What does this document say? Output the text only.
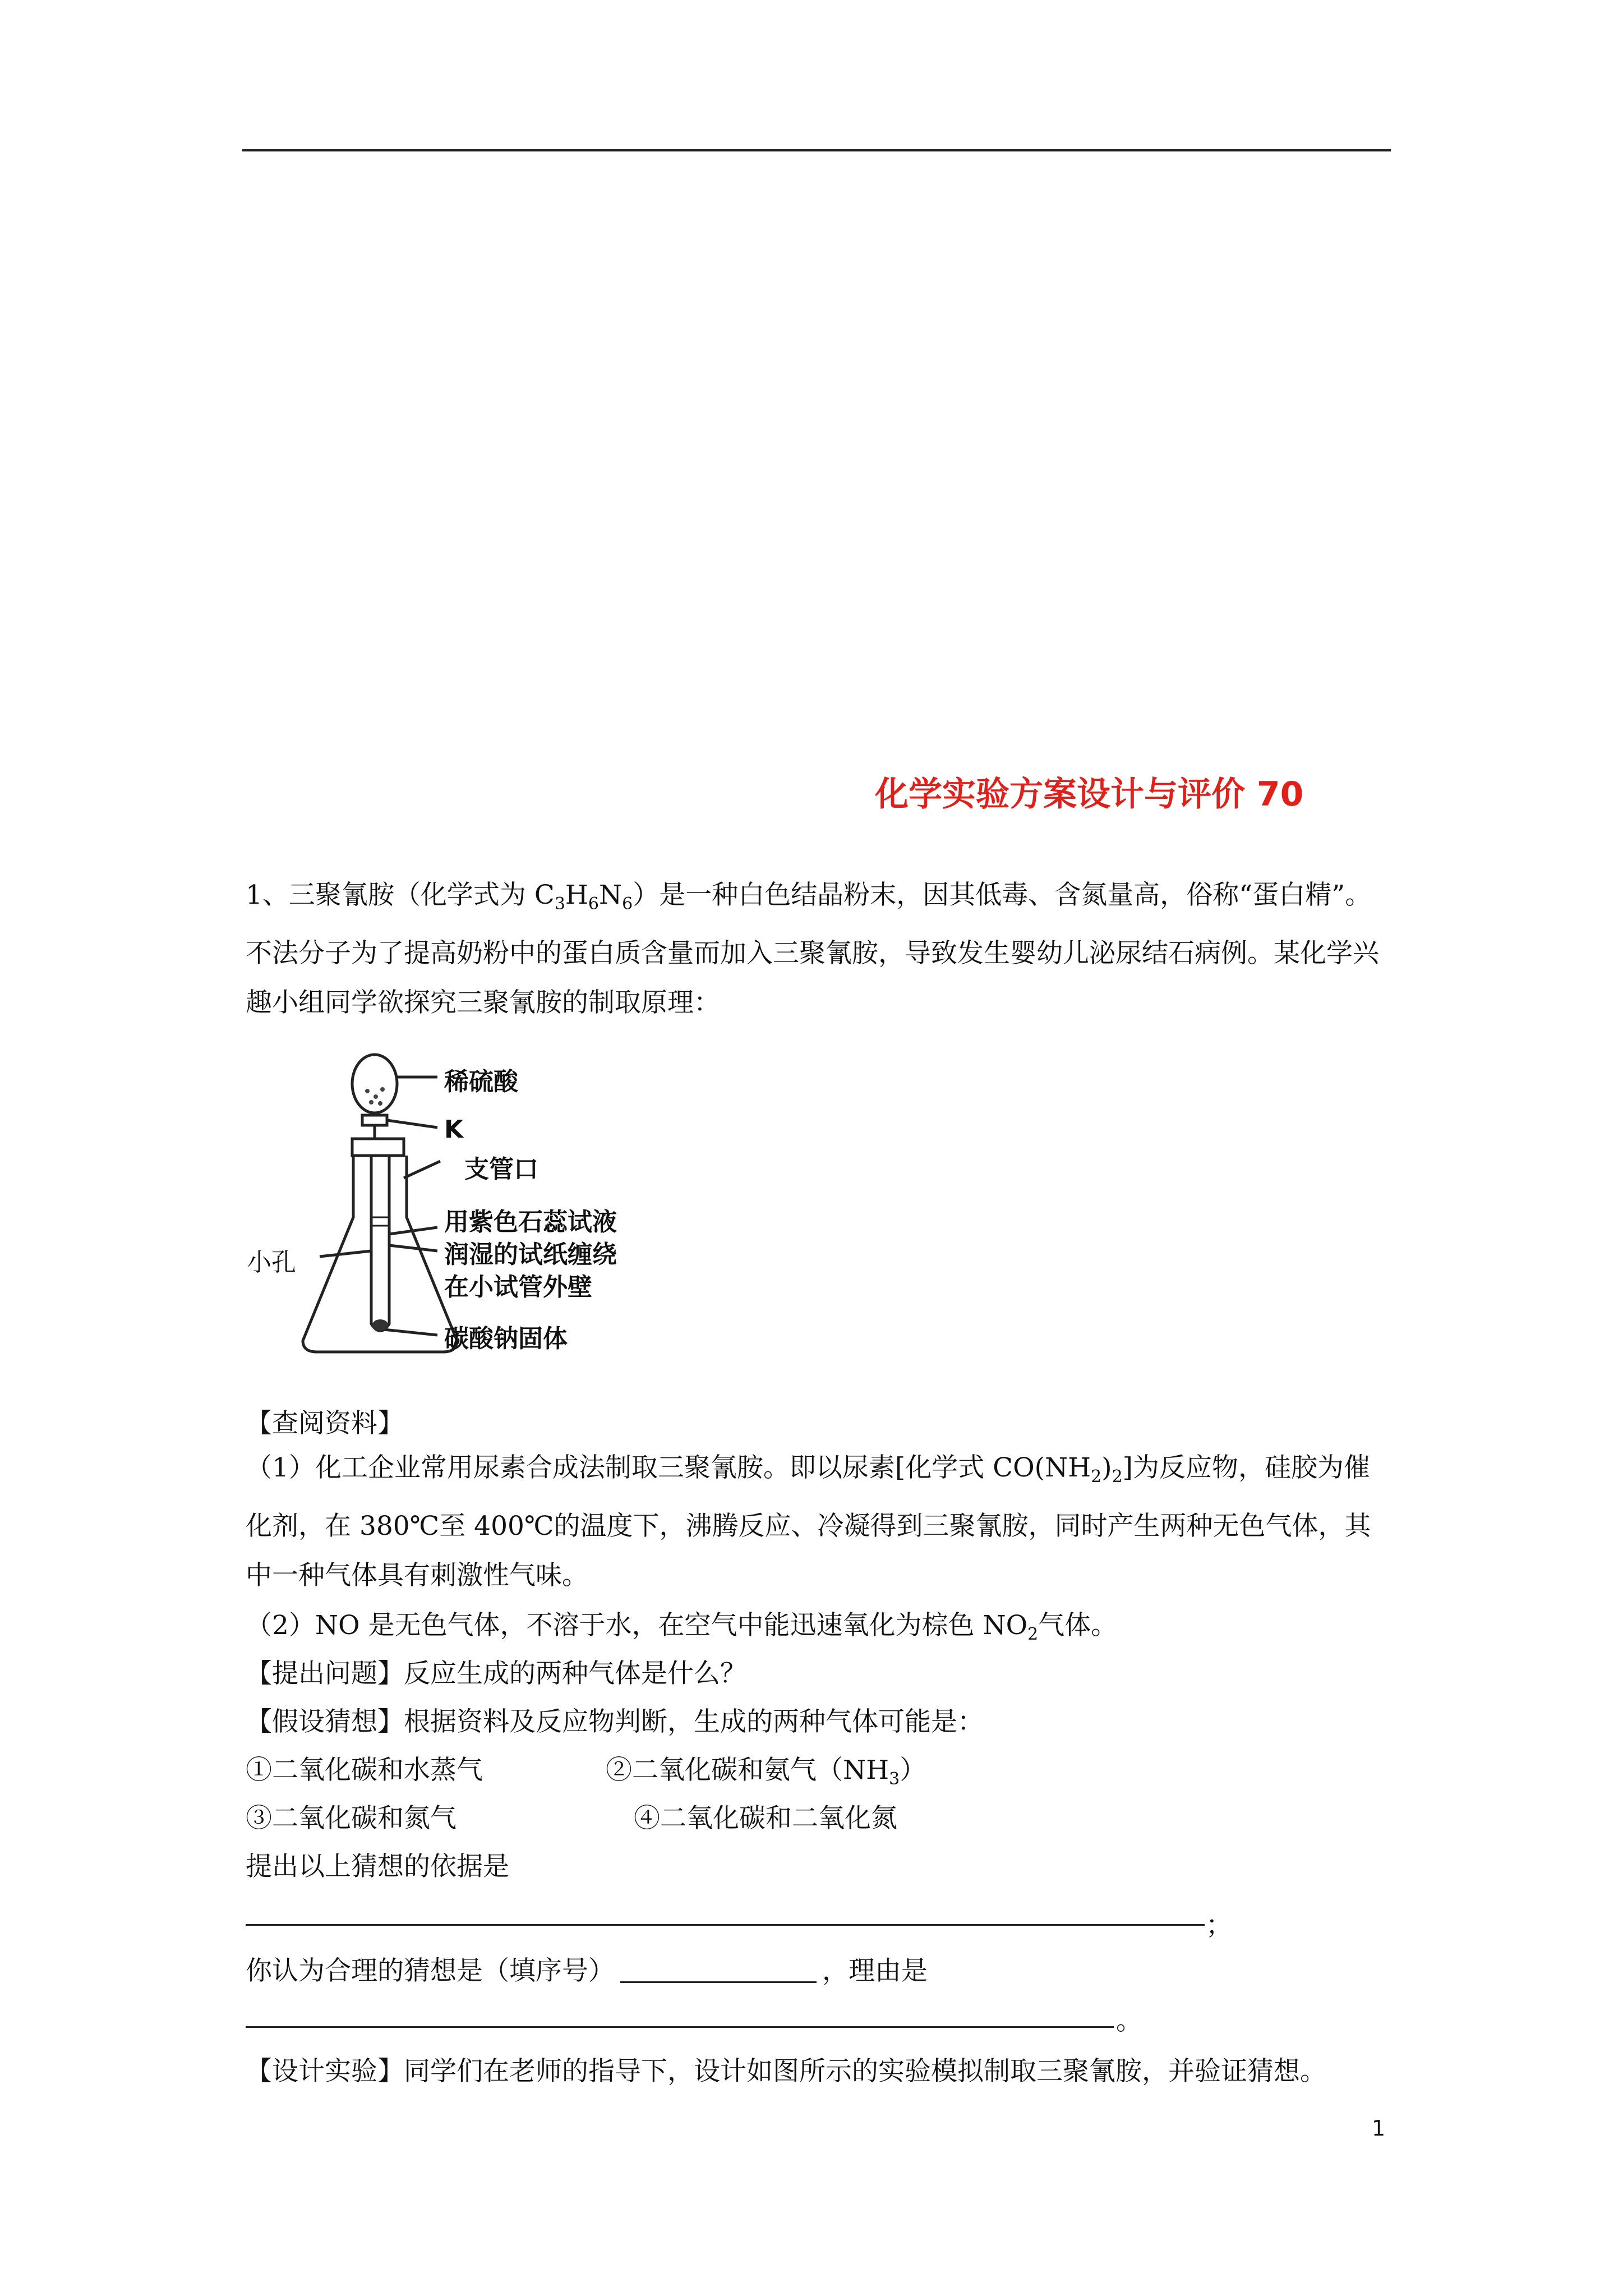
化学实验方案设计与评价 70
1、三聚氰胺（化学式为 $C_3H_6N_6$）是一种白色结晶粉末，因其低毒、含氮量高，俗称“蛋白精”。不法分子为了提高奶粉中的蛋白质含量而加入三聚氰胺，导致发生婴幼儿泌尿结石病例。某化学兴趣小组同学欲探究三聚氰胺的制取原理：
稀硫酸
K
支管口
用紫色石蕊试液
润湿的试纸缠绕
在小试管外壁
小孔
碳酸钠固体
【查阅资料】
（1）化工企业常用尿素合成法制取三聚氰胺。即以尿素[化学式 $CO(NH_2)_2$]为反应物，硅胶为催化剂，在 380℃至 400℃的温度下，沸腾反应、冷凝得到三聚氰胺，同时产生两种无色气体，其中一种气体具有刺激性气味。
（2）NO 是无色气体，不溶于水，在空气中能迅速氧化为棕色 $NO_2$气体。
【提出问题】反应生成的两种气体是什么？
【假设猜想】根据资料及反应物判断，生成的两种气体可能是：
①二氧化碳和水蒸气	②二氧化碳和氨气$(NH_3)$
③二氧化碳和氮气	④二氧化碳和二氧化氮
提出以上猜想的依据是
；
你认为合理的猜想是（填序号）	，理由是
。
【设计实验】同学们在老师的指导下，设计如图所示的实验模拟制取三聚氰胺，并验证猜想。
1
